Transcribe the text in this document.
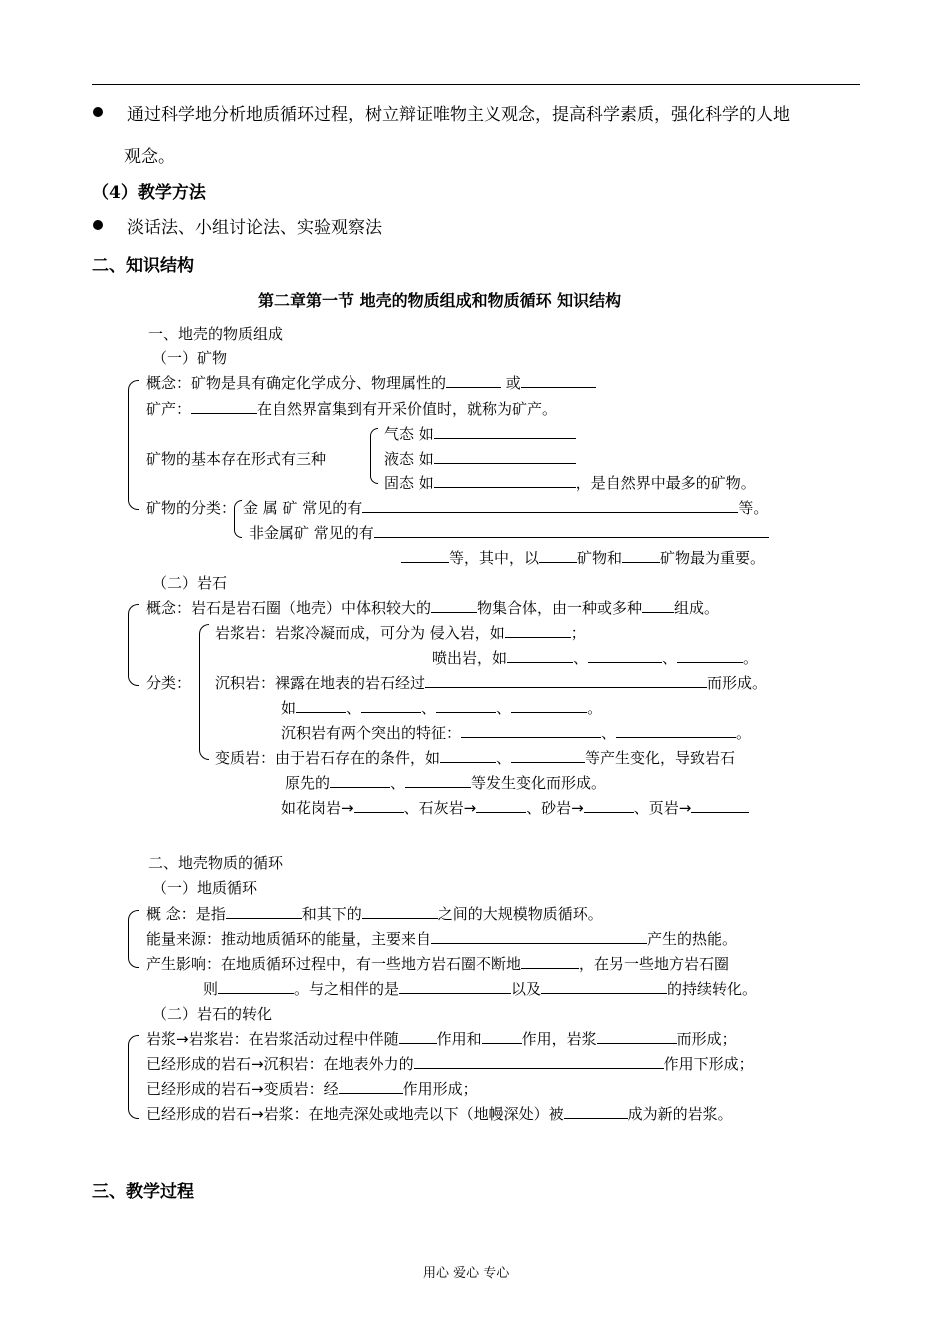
通过科学地分析地质循环过程，树立辩证唯物主义观念，提高科学素质，强化科学的人地
观念。
（4）教学方法
淡话法、小组讨论法、实验观察法
二、知识结构
第二章第一节 地壳的物质组成和物质循环 知识结构
一、地壳的物质组成
（一）矿物
概念：矿物是具有确定化学成分、物理属性的	或
矿产：	在自然界富集到有开采价值时，就称为矿产。
矿物的基本存在形式有三种
气态 如
液态 如
固态 如	，是自然界中最多的矿物。
矿物的分类： 金 属 矿 常见的有	等。
非金属矿 常见的有
等，其中，以	矿物和	矿物最为重要。
（二）岩石
概念：岩石是岩石圈（地壳）中体积较大的	物集合体，由一种或多种 组成。
分类：
岩浆岩：岩浆冷凝而成，可分为 侵入岩，如	；
喷出岩，如	、	、	。
沉积岩：裸露在地表的岩石经过	而形成。
如	、	、	、	。
沉积岩有两个突出的特征：	、	。
变质岩：由于岩石存在的条件，如	、	等产生变化，导致岩石
原先的	、	等发生变化而形成。
如花岗岩→	、石灰岩→	、砂岩→	、页岩→
二、地壳物质的循环
（一）地质循环
概 念：是指	和其下的	之间的大规模物质循环。
能量来源：推动地质循环的能量，主要来自	产生的热能。
产生影响：在地质循环过程中，有一些地方岩石圈不断地	，在另一些地方岩石圈
则	。与之相伴的是	以及	的持续转化。
（二）岩石的转化
岩浆→岩浆岩：在岩浆活动过程中伴随	作用和	作用，岩浆	而形成；
已经形成的岩石→沉积岩：在地表外力的	作用下形成；
已经形成的岩石→变质岩：经	作用形成；
已经形成的岩石→岩浆：在地壳深处或地壳以下（地幔深处）被	成为新的岩浆。
三、教学过程
用心 爱心 专心
